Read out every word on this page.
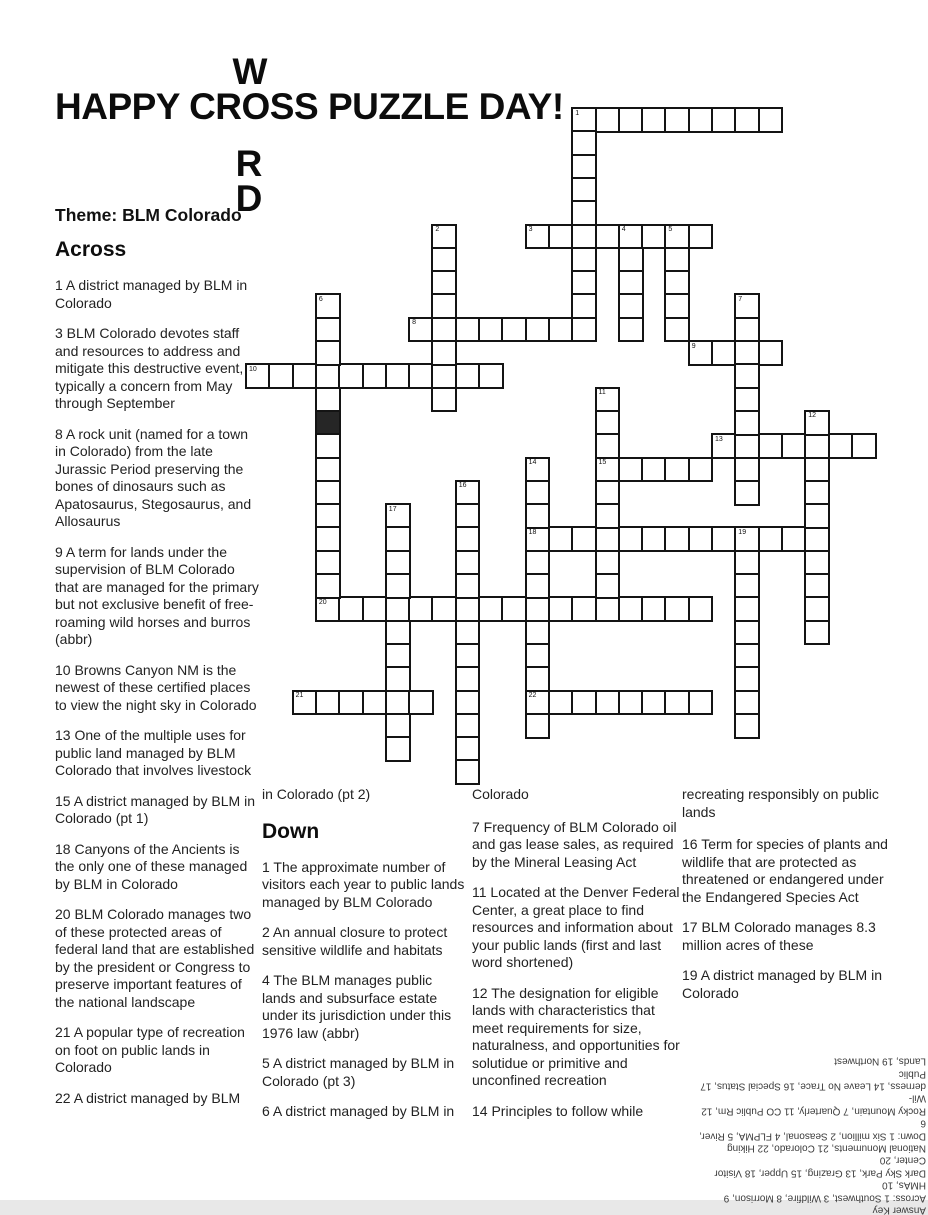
HAPPY CROSS PUZZLE DAY!
W
R
D
Theme: BLM Colorado
Across
1 A district managed by BLM in Colorado
3 BLM Colorado devotes staff and resources to address and mitigate this destructive event, typically a concern from May through September
8 A rock unit (named for a town in Colorado) from the late Jurassic Period preserving the bones of dinosaurs such as Apatosaurus, Stegosaurus, and Allosaurus
9 A term for lands under the supervision of BLM Colorado that are managed for the primary but not exclusive benefit of free-roaming wild horses and burros (abbr)
10 Browns Canyon NM is the newest of these certified places to view the night sky in Colorado
13 One of the multiple uses for public land managed by BLM Colorado that involves livestock
15 A district managed by BLM in Colorado (pt 1)
18 Canyons of the Ancients is the only one of these managed by BLM in Colorado
20 BLM Colorado manages two of these protected areas of federal land that are established by the president or Congress to preserve important features of the national landscape
21 A popular type of recreation on foot on public lands in Colorado
22 A district managed by BLM
in Colorado (pt 2)
Down
1 The approximate number of visitors each year to public lands managed by BLM Colorado
2 An annual closure to protect sensitive wildlife and habitats
4 The BLM manages public lands and subsurface estate under its jurisdiction under this 1976 law (abbr)
5 A district managed by BLM in Colorado (pt 3)
6 A district managed by BLM in
Colorado
7 Frequency of BLM Colorado oil and gas lease sales, as required by the Mineral Leasing Act
11 Located at the Denver Federal Center, a great place to find resources and information about your public lands (first and last word shortened)
12 The designation for eligible lands with characteristics that meet requirements for size, naturalness, and opportunities for solutidue or primitive and unconfined recreation
14 Principles to follow while
recreating responsibly on public lands
16 Term for species of plants and wildlife that are protected as threatened or endangered under the Endangered Species Act
17 BLM Colorado manages 8.3 million acres of these
19 A district managed by BLM in Colorado
1
3	4	5
8
9
10
13
15
18	19
20
21	22
2
6	7
11
12
14
16
17
Answer Key
Across: 1 Southwest, 3 Wildfire, 8 Morrison, 9 HMAs, 10
Dark Sky Park, 13 Grazing, 15 Upper, 18 Visitor Center, 20
National Monuments, 21 Colorado, 22 Hiking
Down: 1 Six million, 2 Seasonal, 4 FLPMA, 5 River, 6
Rocky Mountain, 7 Quarterly, 11 CO Public Rm, 12 Wil-
derness, 14 Leave No Trace, 16 Special Status, 17 Public
Lands, 19 Northwest
